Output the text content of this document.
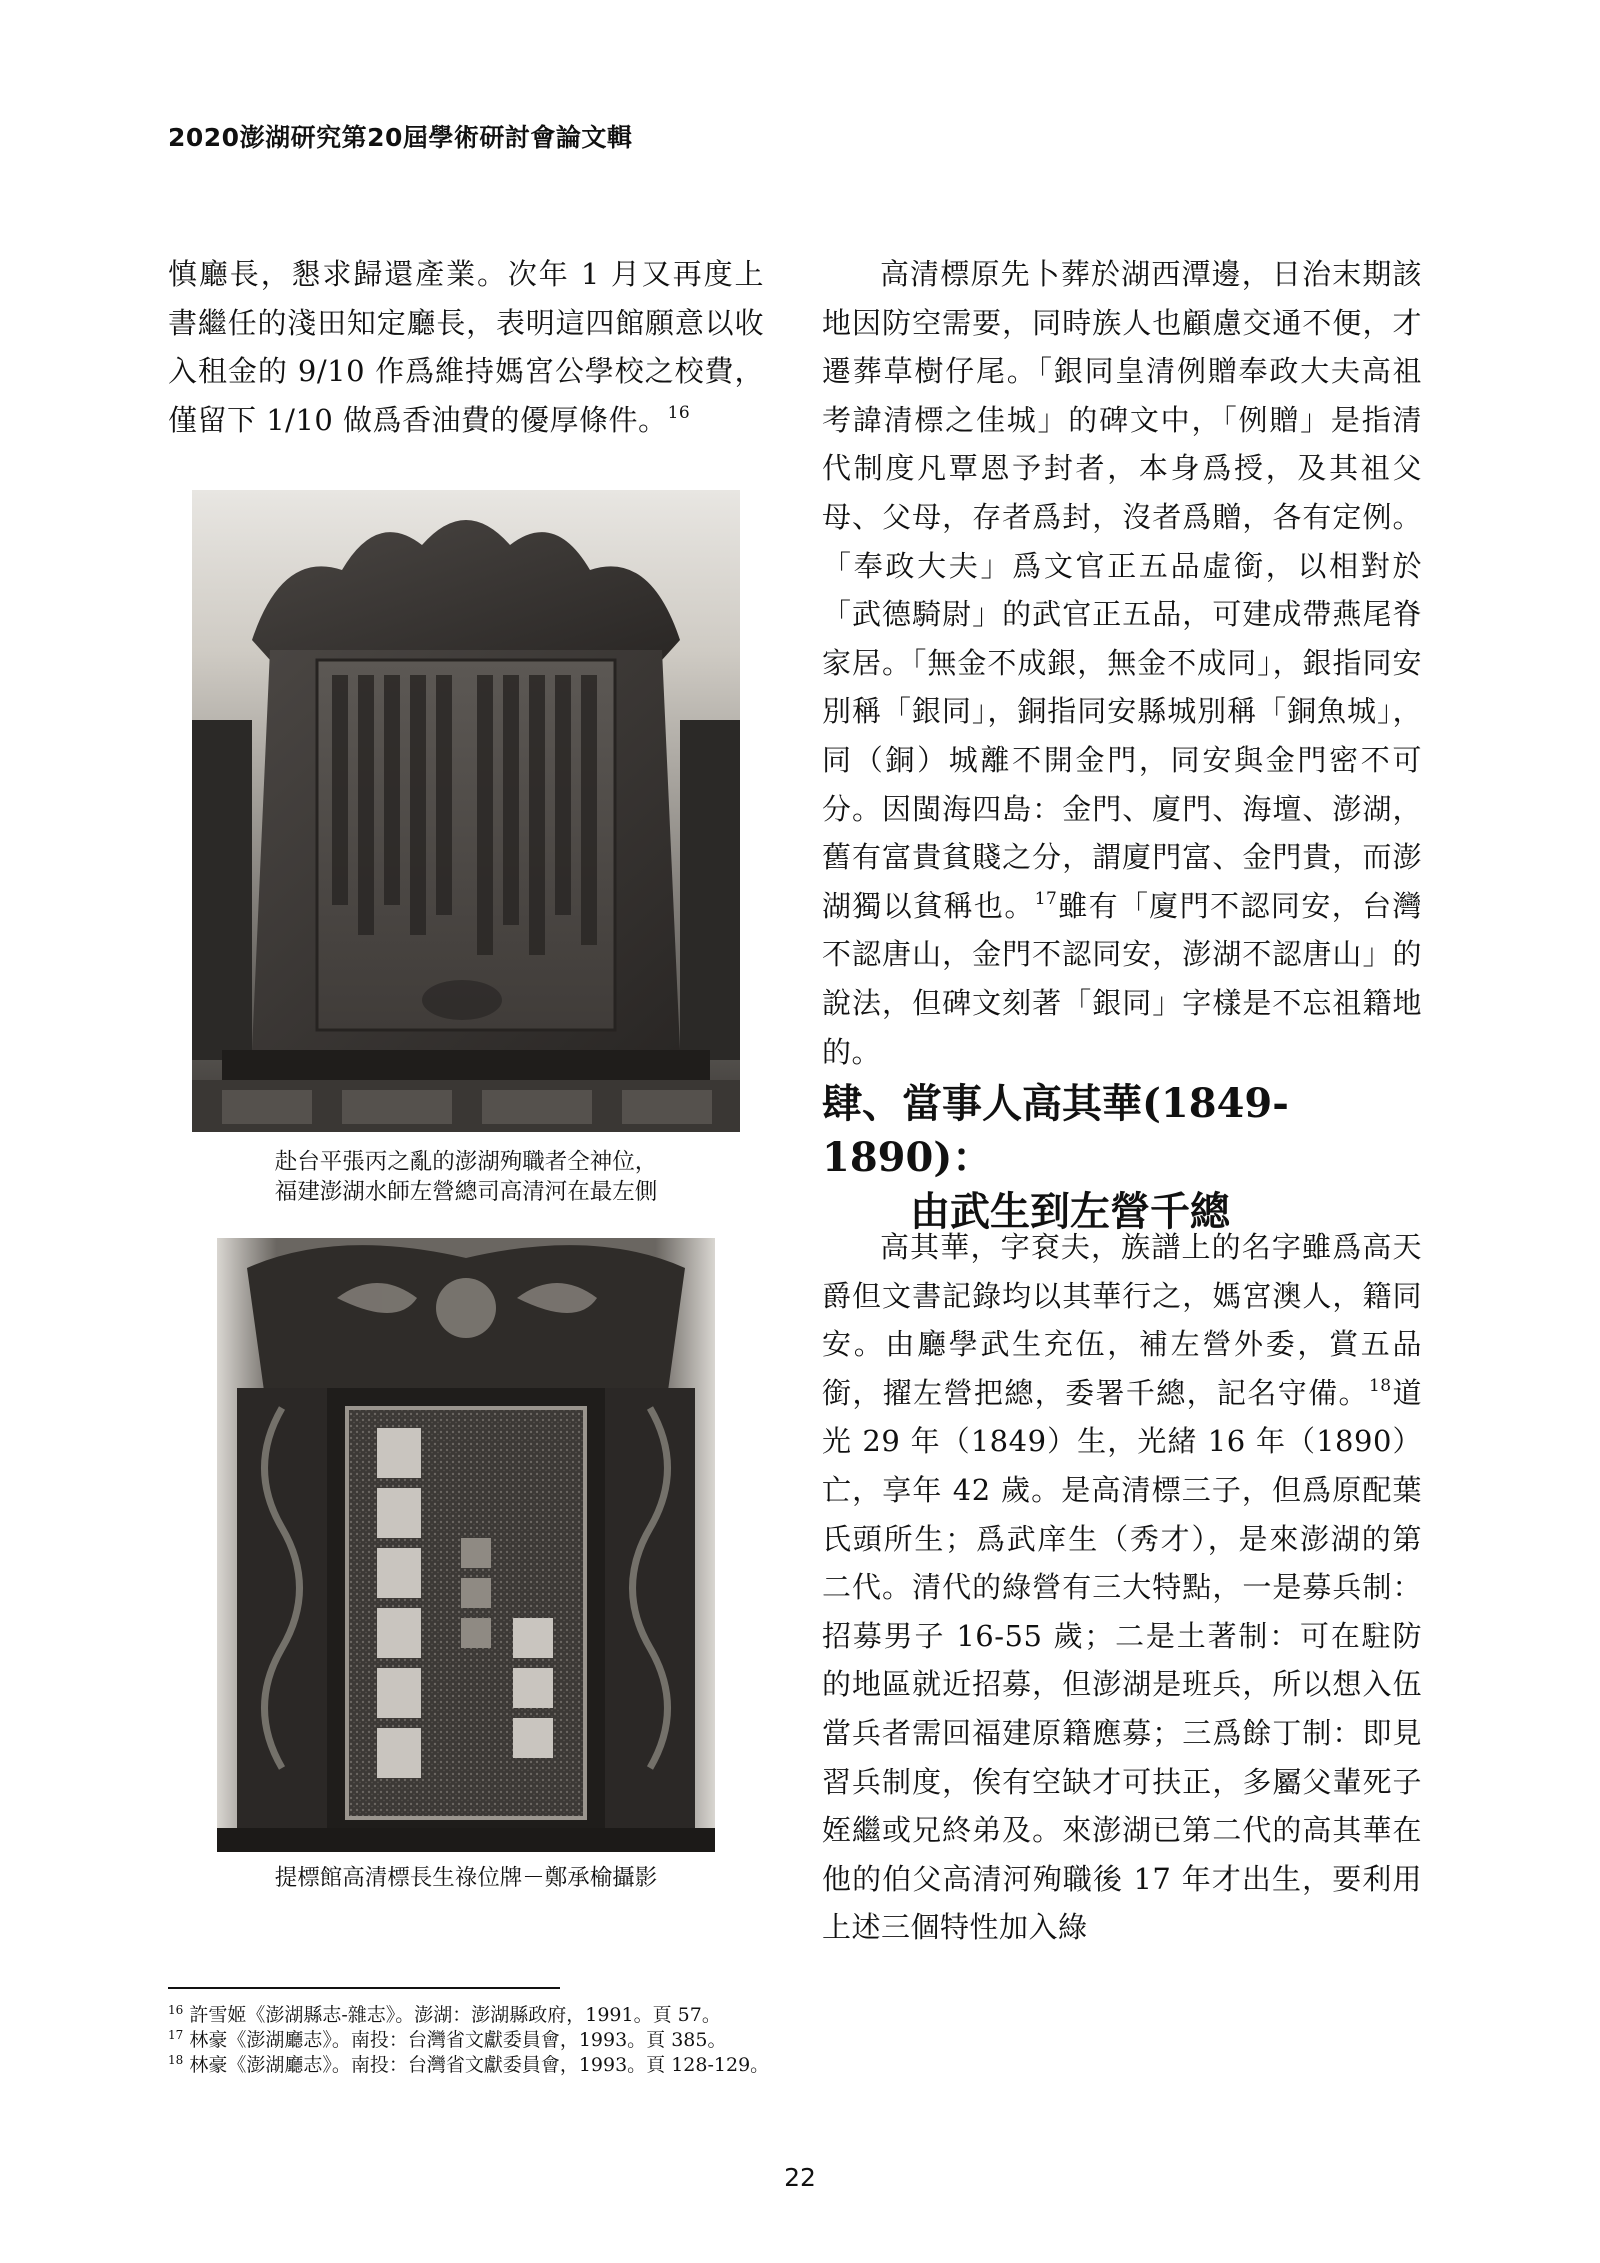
2020澎湖研究第20屆學術研討會論文輯

慎廳長，懇求歸還產業。次年 1 月又再度上書繼任的淺田知定廳長，表明這四館願意以收入租金的 9/10 作爲維持媽宮公學校之校費，僅留下 1/10 做爲香油費的優厚條件。$^{16}$

赴台平張丙之亂的澎湖殉職者仝神位，
福建澎湖水師左營總司高清河在最左側
提標館高清標長生祿位牌－鄭承榆攝影

高清標原先卜葬於湖西潭邊，日治末期該地因防空需要，同時族人也顧慮交通不便，才遷葬草樹仔尾。「銀同皇清例贈奉政大夫高祖考諱清標之佳城」的碑文中，「例贈」是指清代制度凡覃恩予封者，本身爲授，及其祖父母、父母，存者爲封，沒者爲贈，各有定例。「奉政大夫」爲文官正五品虛銜，以相對於「武德騎尉」的武官正五品，可建成帶燕尾脊家居。「無金不成銀，無金不成同」，銀指同安別稱「銀同」，銅指同安縣城別稱「銅魚城」，同（銅）城離不開金門，同安與金門密不可分。因閩海四島：金門、廈門、海壇、澎湖，舊有富貴貧賤之分，謂廈門富、金門貴，而澎湖獨以貧稱也。$^{17}$雖有「廈門不認同安，台灣不認唐山，金門不認同安，澎湖不認唐山」的說法，但碑文刻著「銀同」字樣是不忘祖籍地的。

肆、當事人高其華(1849-1890)：
由武生到左營千總

高其華，字袞夫，族譜上的名字雖爲高天爵但文書記錄均以其華行之，媽宮澳人，籍同安。由廳學武生充伍，補左營外委，賞五品銜，擢左營把總，委署千總，記名守備。$^{18}$道光 29 年（1849）生，光緒 16 年（1890）亡，享年 42 歲。是高清標三子，但爲原配葉氏頭所生；爲武庠生（秀才），是來澎湖的第二代。清代的綠營有三大特點，一是募兵制：招募男子 16-55 歲；二是土著制：可在駐防的地區就近招募，但澎湖是班兵，所以想入伍當兵者需回福建原籍應募；三爲餘丁制：即見習兵制度，俟有空缺才可扶正，多屬父輩死子姪繼或兄終弟及。來澎湖已第二代的高其華在他的伯父高清河殉職後 17 年才出生，要利用上述三個特性加入綠

$^{16}$ 許雪姬《澎湖縣志-雜志》。澎湖：澎湖縣政府，1991。頁 57。
$^{17}$ 林豪《澎湖廳志》。南投：台灣省文獻委員會，1993。頁 385。
$^{18}$ 林豪《澎湖廳志》。南投：台灣省文獻委員會，1993。頁 128-129。
22
